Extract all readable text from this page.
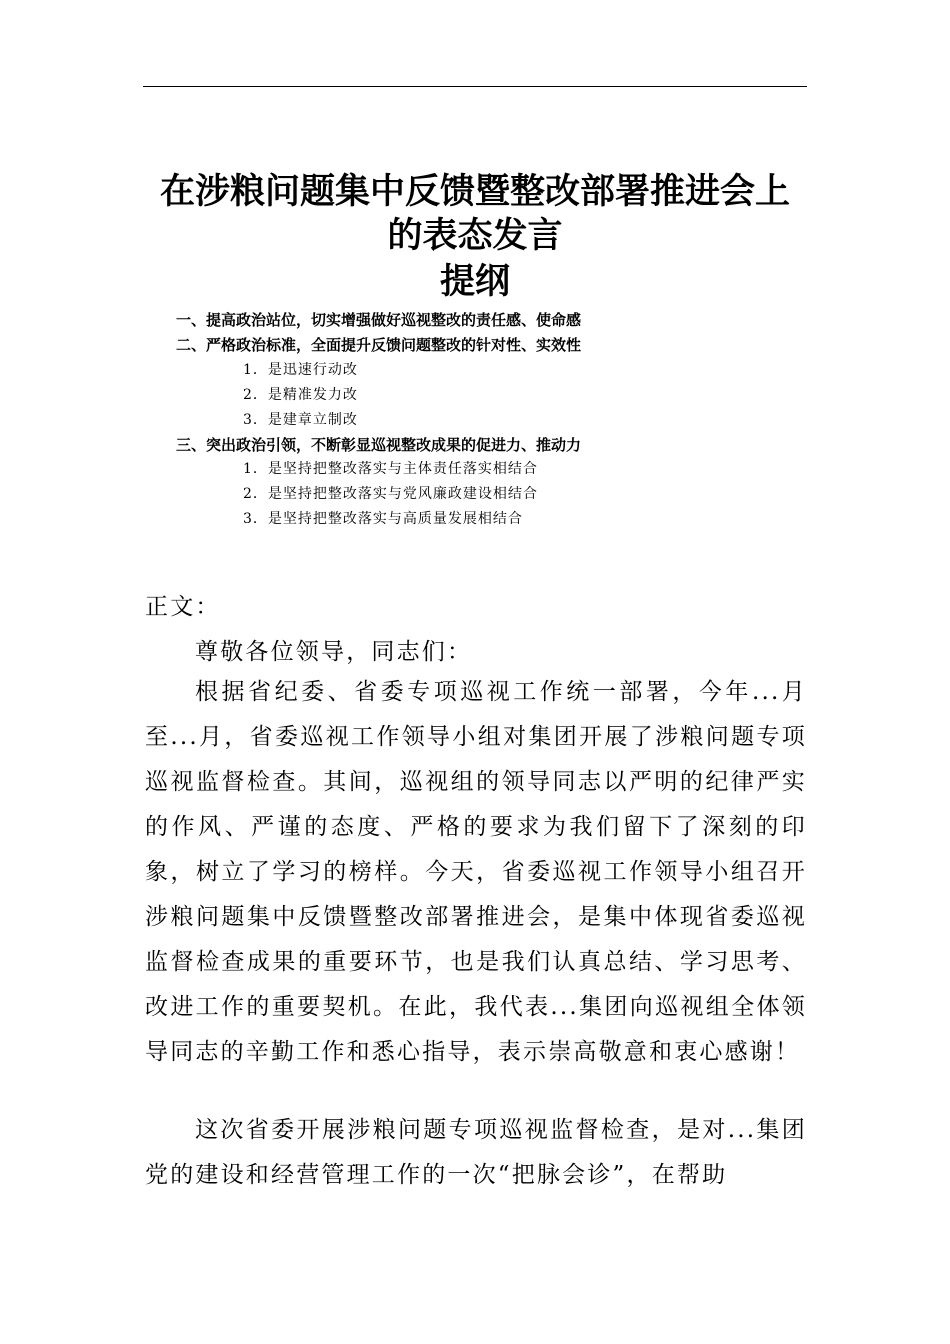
在涉粮问题集中反馈暨整改部署推进会上
的表态发言
提纲
一、提高政治站位，切实增强做好巡视整改的责任感、使命感
二、严格政治标准，全面提升反馈问题整改的针对性、实效性
1．是迅速行动改
2．是精准发力改
3．是建章立制改
三、突出政治引领，不断彰显巡视整改成果的促进力、推动力
1．是坚持把整改落实与主体责任落实相结合
2．是坚持把整改落实与党风廉政建设相结合
3．是坚持把整改落实与高质量发展相结合

正文：

尊敬各位领导，同志们：

根据省纪委、省委专项巡视工作统一部署，今年...月至...月，省委巡视工作领导小组对集团开展了涉粮问题专项巡视监督检查。其间，巡视组的领导同志以严明的纪律严实的作风、严谨的态度、严格的要求为我们留下了深刻的印象，树立了学习的榜样。今天，省委巡视工作领导小组召开涉粮问题集中反馈暨整改部署推进会，是集中体现省委巡视监督检查成果的重要环节，也是我们认真总结、学习思考、改进工作的重要契机。在此，我代表...集团向巡视组全体领导同志的辛勤工作和悉心指导，表示崇高敬意和衷心感谢！

这次省委开展涉粮问题专项巡视监督检查，是对...集团党的建设和经营管理工作的一次“把脉会诊”，在帮助
